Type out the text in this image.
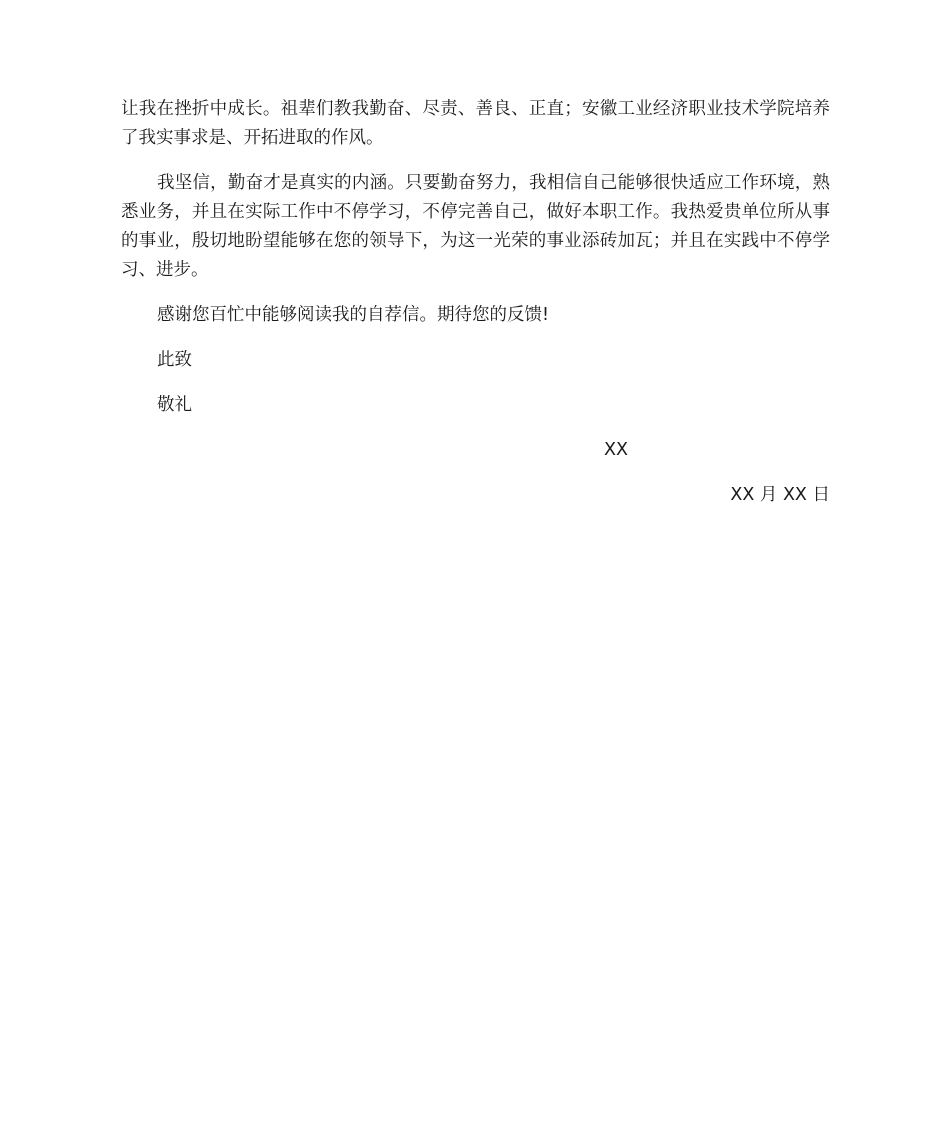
让我在挫折中成长。祖辈们教我勤奋、尽责、善良、正直；安徽工业经济职业技术学院培养了我实事求是、开拓进取的作风。

我坚信，勤奋才是真实的内涵。只要勤奋努力，我相信自己能够很快适应工作环境，熟悉业务，并且在实际工作中不停学习，不停完善自己，做好本职工作。我热爱贵单位所从事的事业，殷切地盼望能够在您的领导下，为这一光荣的事业添砖加瓦；并且在实践中不停学习、进步。

感谢您百忙中能够阅读我的自荐信。期待您的反馈!

此致

敬礼

XX

XX 月 XX 日
